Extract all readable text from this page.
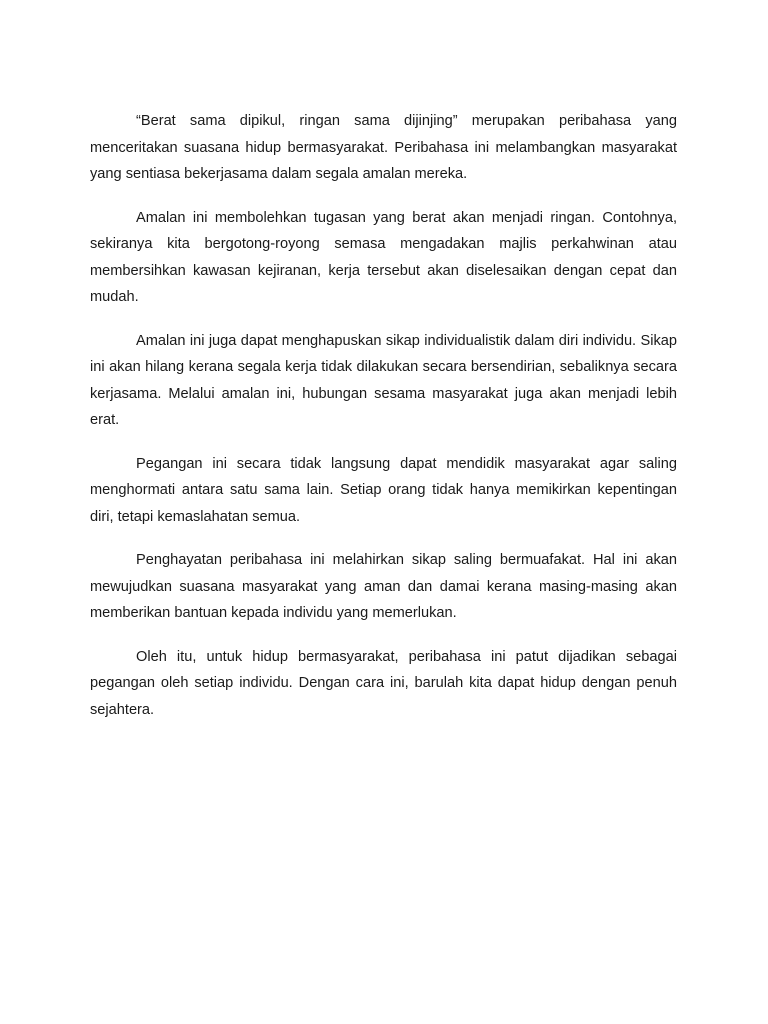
“Berat sama dipikul, ringan sama dijinjing” merupakan peribahasa yang menceritakan suasana hidup bermasyarakat. Peribahasa ini melambangkan masyarakat yang sentiasa bekerjasama dalam segala amalan mereka.

Amalan ini membolehkan tugasan yang berat akan menjadi ringan. Contohnya, sekiranya kita bergotong-royong semasa mengadakan majlis perkahwinan atau membersihkan kawasan kejiranan, kerja tersebut akan diselesaikan dengan cepat dan mudah.

Amalan ini juga dapat menghapuskan sikap individualistik dalam diri individu. Sikap ini akan hilang kerana segala kerja tidak dilakukan secara bersendirian, sebaliknya secara kerjasama. Melalui amalan ini, hubungan sesama masyarakat juga akan menjadi lebih erat.

Pegangan ini secara tidak langsung dapat mendidik masyarakat agar saling menghormati antara satu sama lain. Setiap orang tidak hanya memikirkan kepentingan diri, tetapi kemaslahatan semua.

Penghayatan peribahasa ini melahirkan sikap saling bermuafakat. Hal ini akan mewujudkan suasana masyarakat yang aman dan damai kerana masing-masing akan memberikan bantuan kepada individu yang memerlukan.

Oleh itu, untuk hidup bermasyarakat, peribahasa ini patut dijadikan sebagai pegangan oleh setiap individu. Dengan cara ini, barulah kita dapat hidup dengan penuh sejahtera.
